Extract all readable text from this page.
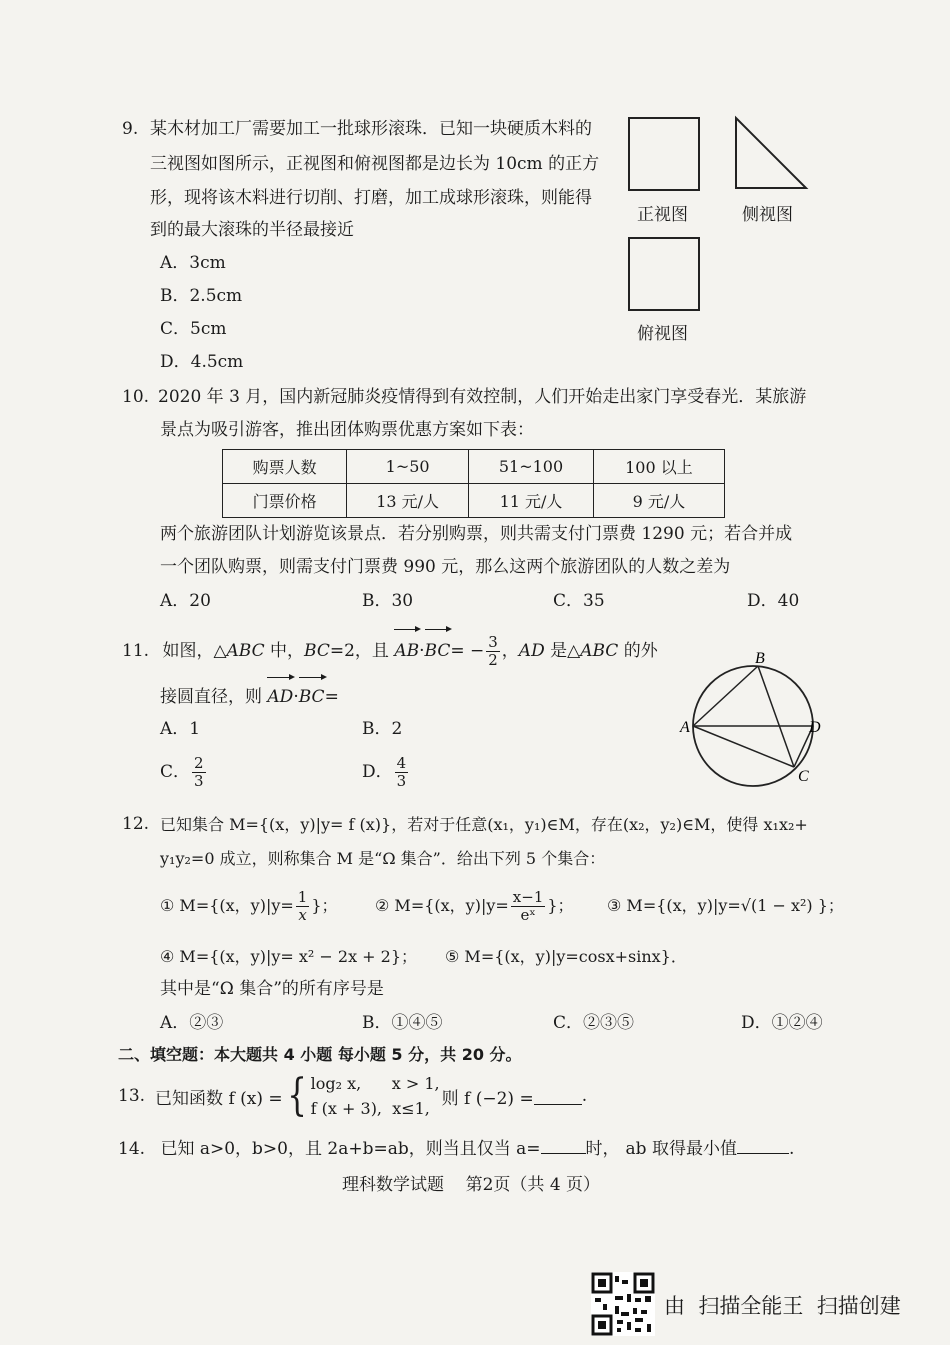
9. 某木材加工厂需要加工一批球形滚珠．已知一块硬质木料的
三视图如图所示，正视图和俯视图都是边长为 10cm 的正方
形，现将该木料进行切削、打磨，加工成球形滚珠，则能得
到的最大滚珠的半径最接近
A．3cm
B．2.5cm
C．5cm
D．4.5cm
正视图	侧视图
俯视图
10. 2020 年 3 月，国内新冠肺炎疫情得到有效控制，人们开始走出家门享受春光．某旅游
景点为吸引游客，推出团体购票优惠方案如下表：
购票人数	1~50	51~100	100 以上
门票价格	13 元/人	11 元/人	9 元/人
两个旅游团队计划游览该景点．若分别购票，则共需支付门票费 1290 元；若合并成
一个团队购票，则需支付门票费 990 元，那么这两个旅游团队的人数之差为
A．20	B．30	C．35	D．40
11. 如图，△ABC 中，BC=2，且 $AB\cdot BC= - \frac{3}{2}$ ，AD 是△ABC 的外
接圆直径，则 AD·BC=
A．1	B．2
C． $\frac{2}{3}$	D． $\frac{4}{3}$
A
B
C
D
12. 已知集合 M={(x，y)|y= f (x)}，若对于任意(x₁，y₁)∈M，存在(x₂，y₂)∈M，使得 x₁x₂+
y₁y₂=0 成立，则称集合 M 是“Ω 集合”．给出下列 5 个集合：
① M={(x，$y)|y= \frac{1}{x}$ }； ② M={(x，$y)|y= \frac{x-1}{\text{eˣ}}$ }； ③ M={(x，y)|y=√(1 − x²) }；
④ M={(x，y)|y= x² − 2x + 2}； ⑤ M={(x，y)|y=cosx+sinx}．
其中是“Ω 集合”的所有序号是
A．②③	B．①④⑤	C．②③⑤	D．①②④
二、填空题：本大题共 4 小题 每小题 5 分，共 20 分。
13. 已知函数 f (x) = { log₂ x,      x > 1,
f (x + 3),  x≤1, 则 f (−2) =	.
14. 已知 a>0，b>0，且 2a+b=ab，则当且仅当 a=	时， ab 取得最小值	.
理科数学试题    第2页（共 4 页）
由  扫描全能王  扫描创建
